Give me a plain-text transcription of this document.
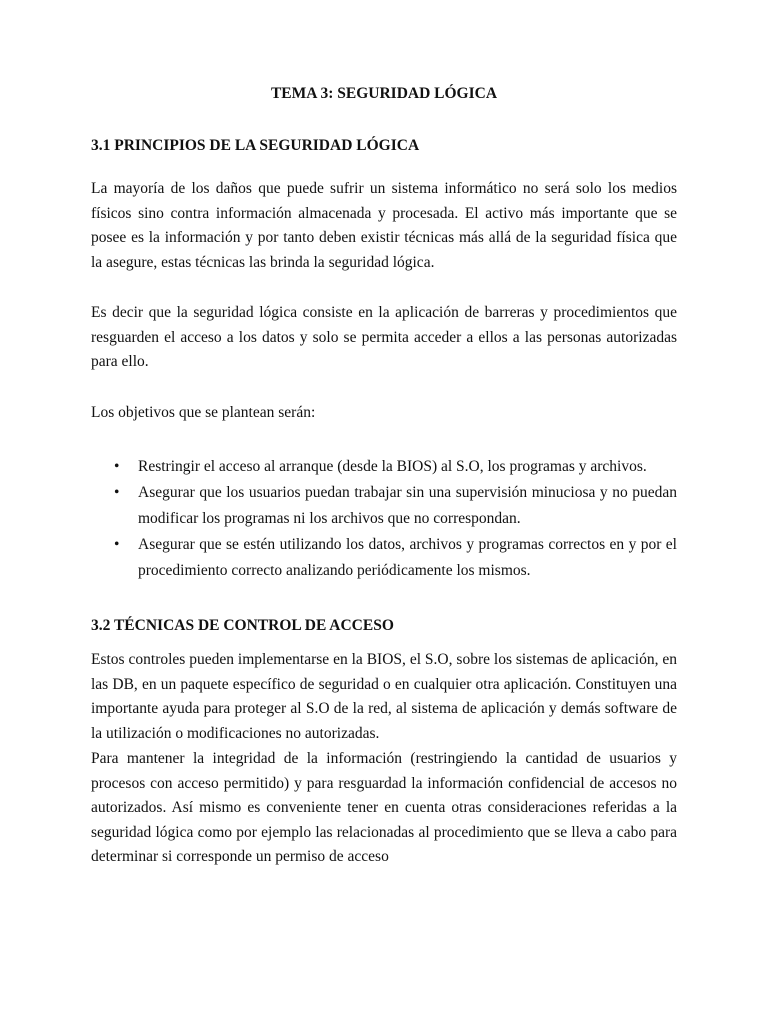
TEMA 3: SEGURIDAD LÓGICA
3.1 PRINCIPIOS DE LA SEGURIDAD LÓGICA

La mayoría de los daños que puede sufrir un sistema informático no será solo los medios físicos sino contra información almacenada y procesada. El activo más importante que se posee es la información y por tanto deben existir técnicas más allá de la seguridad física que la asegure, estas técnicas las brinda la seguridad lógica.

Es decir que la seguridad lógica consiste en la aplicación de barreras y procedimientos que resguarden el acceso a los datos y solo se permita acceder a ellos a las personas autorizadas para ello.

Los objetivos que se plantean serán:

• Restringir el acceso al arranque (desde la BIOS) al S.O, los programas y archivos.
• Asegurar que los usuarios puedan trabajar sin una supervisión minuciosa y no puedan modificar los programas ni los archivos que no correspondan.
• Asegurar que se estén utilizando los datos, archivos y programas correctos en y por el procedimiento correcto analizando periódicamente los mismos.
3.2 TÉCNICAS DE CONTROL DE ACCESO

Estos controles pueden implementarse en la BIOS, el S.O, sobre los sistemas de aplicación, en las DB, en un paquete específico de seguridad o en cualquier otra aplicación. Constituyen una importante ayuda para proteger al S.O de la red, al sistema de aplicación y demás software de la utilización o modificaciones no autorizadas.

Para mantener la integridad de la información (restringiendo la cantidad de usuarios y procesos con acceso permitido) y para resguardad la información confidencial de accesos no autorizados. Así mismo es conveniente tener en cuenta otras consideraciones referidas a la seguridad lógica como por ejemplo las relacionadas al procedimiento que se lleva a cabo para determinar si corresponde un permiso de acceso
